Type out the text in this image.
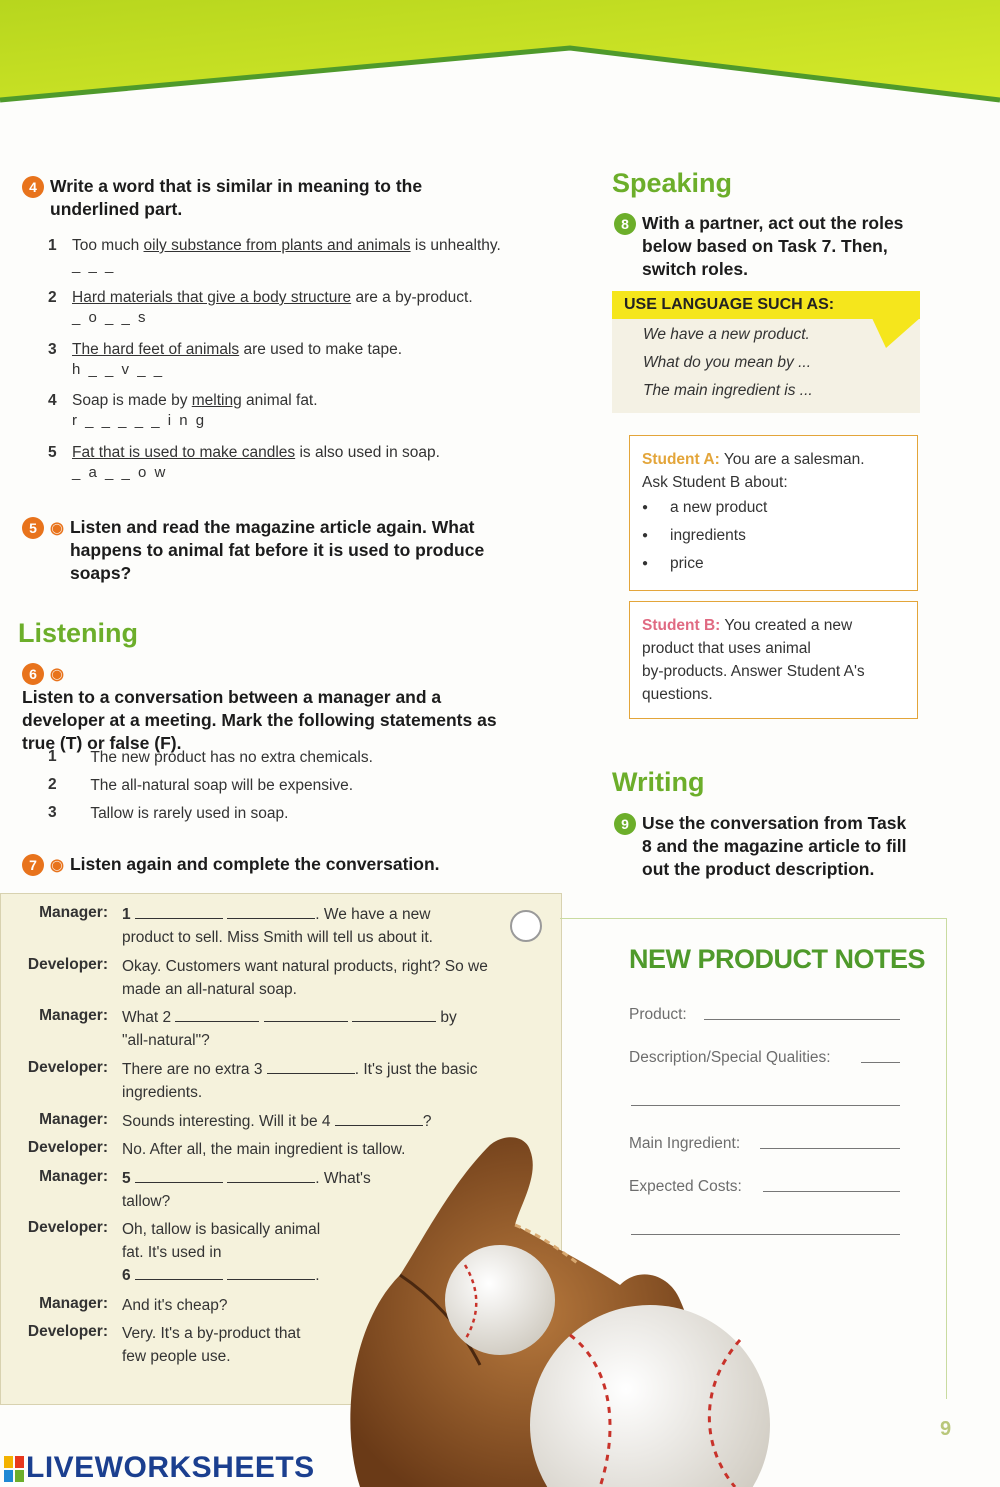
4 Write a word that is similar in meaning to the underlined part.
1 Too much oily substance from plants and animals is unhealthy.
_ _ _
2 Hard materials that give a body structure are a by-product.
_ o _ _ s
3 The hard feet of animals are used to make tape.
h _ _ v _ _
4 Soap is made by melting animal fat.
r _ _ _ _ _ i n g
5 Fat that is used to make candles is also used in soap.
_ a _ _ o w
5 ◉ Listen and read the magazine article again. What happens to animal fat before it is used to produce soaps?
Listening
6 ◉Listen to a conversation between a manager and a developer at a meeting. Mark the following statements as true (T) or false (F).
1 The new product has no extra chemicals.
2 The all-natural soap will be expensive.
3 Tallow is rarely used in soap.
7 ◉ Listen again and complete the conversation.
Manager: 1	. We have a new
product to sell. Miss Smith will tell us about it.
Developer: Okay. Customers want natural products, right? So we
made an all-natural soap.
Manager: What 2	by
"all-natural"?
Developer: There are no extra 3	. It's just the basic
ingredients.
Manager: Sounds interesting. Will it be 4	?
Developer: No. After all, the main ingredient is tallow.
Manager: 5	. What's
tallow?
Developer: Oh, tallow is basically animal
fat. It's used in
6	.
Manager: And it's cheap?
Developer: Very. It's a by-product that
few people use.
Speaking
8 With a partner, act out the roles below based on Task 7. Then, switch roles.
USE LANGUAGE SUCH AS:
We have a new product.
What do you mean by ...
The main ingredient is ...
Student A: You are a salesman.
Ask Student B about:
● a new product
● ingredients
● price
Student B: You created a new
product that uses animal
by-products. Answer Student A's
questions.
Writing
9 Use the conversation from Task 8 and the magazine article to fill out the product description.
NEW PRODUCT NOTES
Product:
Description/Special Qualities:
Main Ingredient:
Expected Costs:
9
LIVEWORKSHEETS
